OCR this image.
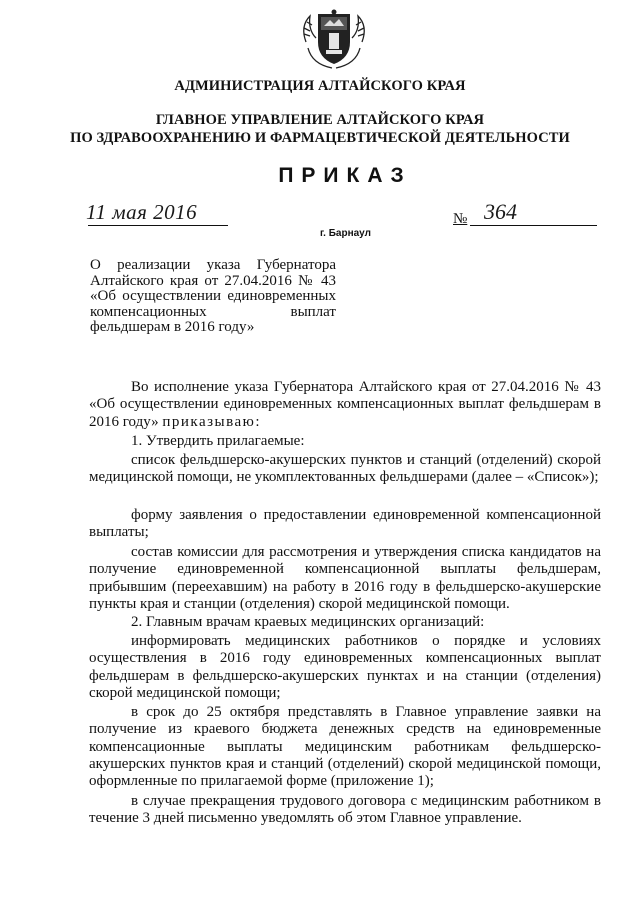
АДМИНИСТРАЦИЯ АЛТАЙСКОГО КРАЯ
ГЛАВНОЕ УПРАВЛЕНИЕ АЛТАЙСКОГО КРАЯ
ПО ЗДРАВООХРАНЕНИЮ И ФАРМАЦЕВТИЧЕСКОЙ ДЕЯТЕЛЬНОСТИ
ПРИКАЗ
11 мая 2016	№ 364
г. Барнаул
О реализации указа Губернатора Алтайского края от 27.04.2016 № 43 «Об осуществлении единовременных компенсационных выплат фельдшерам в 2016 году»

Во исполнение указа Губернатора Алтайского края от 27.04.2016 № 43 «Об осуществлении единовременных компенсационных выплат фельдшерам в 2016 году» приказываю:

1. Утвердить прилагаемые:

список фельдшерско-акушерских пунктов и станций (отделений) скорой медицинской помощи, не укомплектованных фельдшерами (далее – «Список»);

форму заявления о предоставлении единовременной компенсационной выплаты;

состав комиссии для рассмотрения и утверждения списка кандидатов на получение единовременной компенсационной выплаты фельдшерам, прибывшим (переехавшим) на работу в 2016 году в фельдшерско-акушерские пункты края и станции (отделения) скорой медицинской помощи.

2. Главным врачам краевых медицинских организаций:

информировать медицинских работников о порядке и условиях осуществления в 2016 году единовременных компенсационных выплат фельдшерам в фельдшерско-акушерских пунктах и на станции (отделения) скорой медицинской помощи;

в срок до 25 октября представлять в Главное управление заявки на получение из краевого бюджета денежных средств на единовременные компенсационные выплаты медицинским работникам фельдшерско-акушерских пунктов края и станций (отделений) скорой медицинской помощи, оформленные по прилагаемой форме (приложение 1);

в случае прекращения трудового договора с медицинским работником в течение 3 дней письменно уведомлять об этом Главное управление.
